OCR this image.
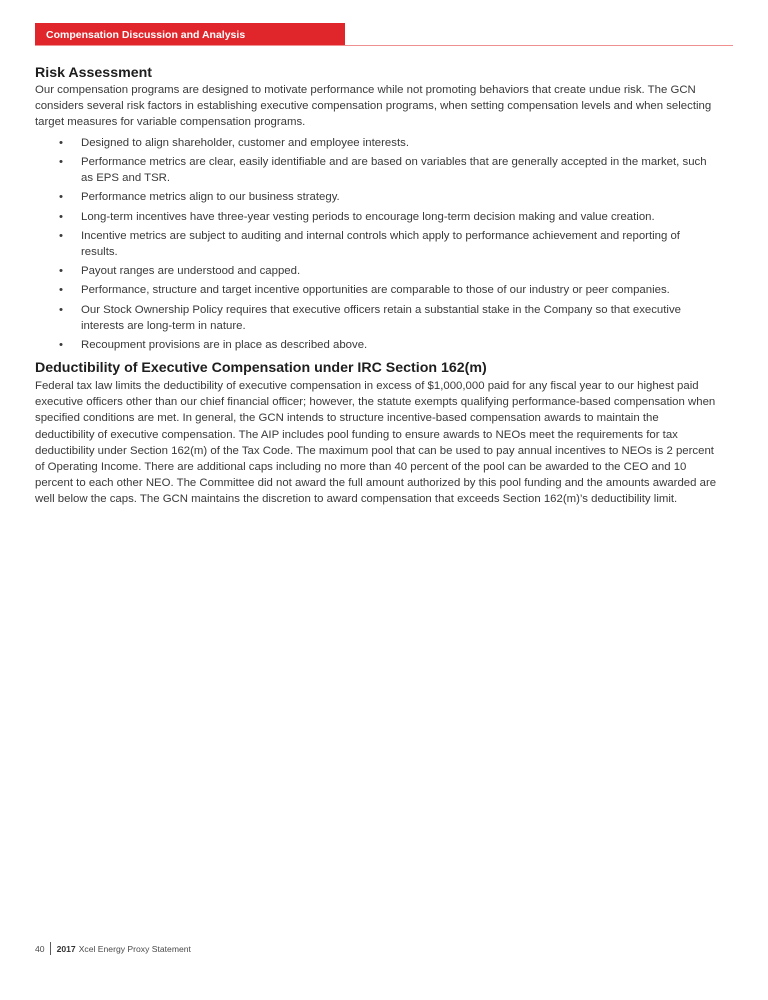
Compensation Discussion and Analysis
Risk Assessment

Our compensation programs are designed to motivate performance while not promoting behaviors that create undue risk. The GCN
considers several risk factors in establishing executive compensation programs, when setting compensation levels and when selecting
target measures for variable compensation programs.

• Designed to align shareholder, customer and employee interests.
• Performance metrics are clear, easily identifiable and are based on variables that are generally accepted in the market, such
as EPS and TSR.
• Performance metrics align to our business strategy.
• Long-term incentives have three-year vesting periods to encourage long-term decision making and value creation.
• Incentive metrics are subject to auditing and internal controls which apply to performance achievement and reporting of
results.
• Payout ranges are understood and capped.
• Performance, structure and target incentive opportunities are comparable to those of our industry or peer companies.
• Our Stock Ownership Policy requires that executive officers retain a substantial stake in the Company so that executive
interests are long-term in nature.
• Recoupment provisions are in place as described above.
Deductibility of Executive Compensation under IRC Section 162(m)

Federal tax law limits the deductibility of executive compensation in excess of $1,000,000 paid for any fiscal year to our highest paid
executive officers other than our chief financial officer; however, the statute exempts qualifying performance-based compensation when
specified conditions are met. In general, the GCN intends to structure incentive-based compensation awards to maintain the
deductibility of executive compensation. The AIP includes pool funding to ensure awards to NEOs meet the requirements for tax
deductibility under Section 162(m) of the Tax Code. The maximum pool that can be used to pay annual incentives to NEOs is 2 percent
of Operating Income. There are additional caps including no more than 40 percent of the pool can be awarded to the CEO and 10
percent to each other NEO. The Committee did not award the full amount authorized by this pool funding and the amounts awarded are
well below the caps. The GCN maintains the discretion to award compensation that exceeds Section 162(m)’s deductibility limit.

40 2017 Xcel Energy Proxy Statement
